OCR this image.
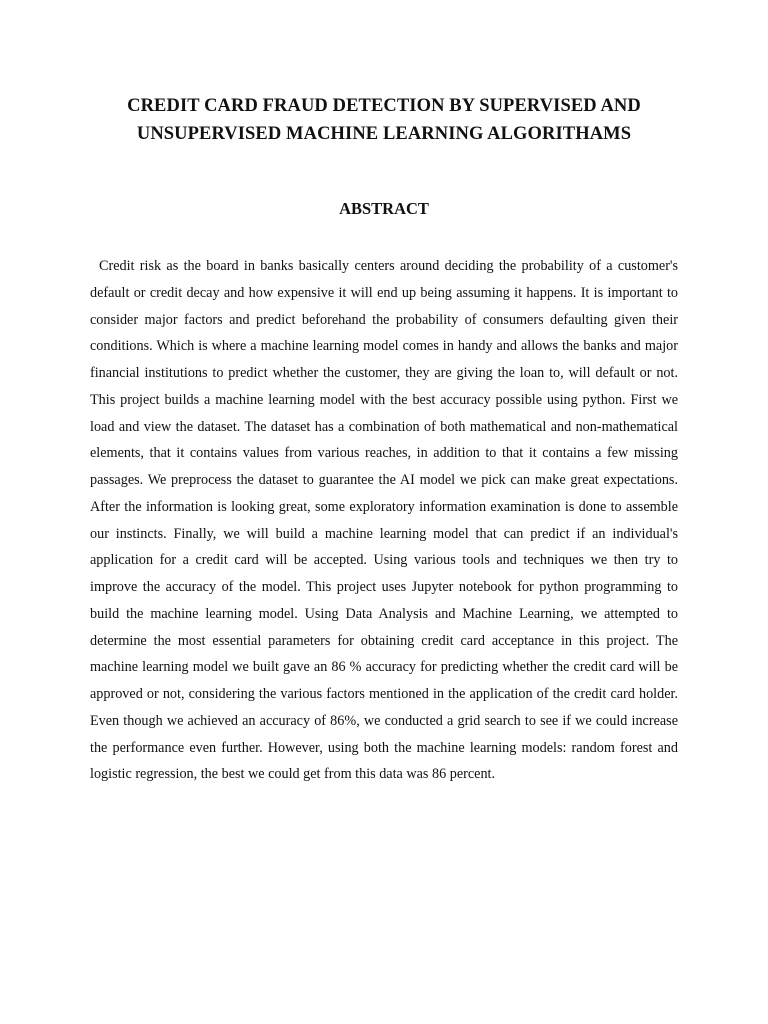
CREDIT CARD FRAUD DETECTION BY SUPERVISED AND
UNSUPERVISED MACHINE LEARNING ALGORITHAMS
ABSTRACT

Credit risk as the board in banks basically centers around deciding the probability of a customer's default or credit decay and how expensive it will end up being assuming it happens. It is important to consider major factors and predict beforehand the probability of consumers defaulting given their conditions. Which is where a machine learning model comes in handy and allows the banks and major financial institutions to predict whether the customer, they are giving the loan to, will default or not. This project builds a machine learning model with the best accuracy possible using python. First we load and view the dataset. The dataset has a combination of both mathematical and non-mathematical elements, that it contains values from various reaches, in addition to that it contains a few missing passages. We preprocess the dataset to guarantee the AI model we pick can make great expectations. After the information is looking great, some exploratory information examination is done to assemble our instincts. Finally, we will build a machine learning model that can predict if an individual's application for a credit card will be accepted. Using various tools and techniques we then try to improve the accuracy of the model. This project uses Jupyter notebook for python programming to build the machine learning model. Using Data Analysis and Machine Learning, we attempted to determine the most essential parameters for obtaining credit card acceptance in this project. The machine learning model we built gave an 86 % accuracy for predicting whether the credit card will be approved or not, considering the various factors mentioned in the application of the credit card holder. Even though we achieved an accuracy of 86%, we conducted a grid search to see if we could increase the performance even further. However, using both the machine learning models: random forest and logistic regression, the best we could get from this data was 86 percent.
